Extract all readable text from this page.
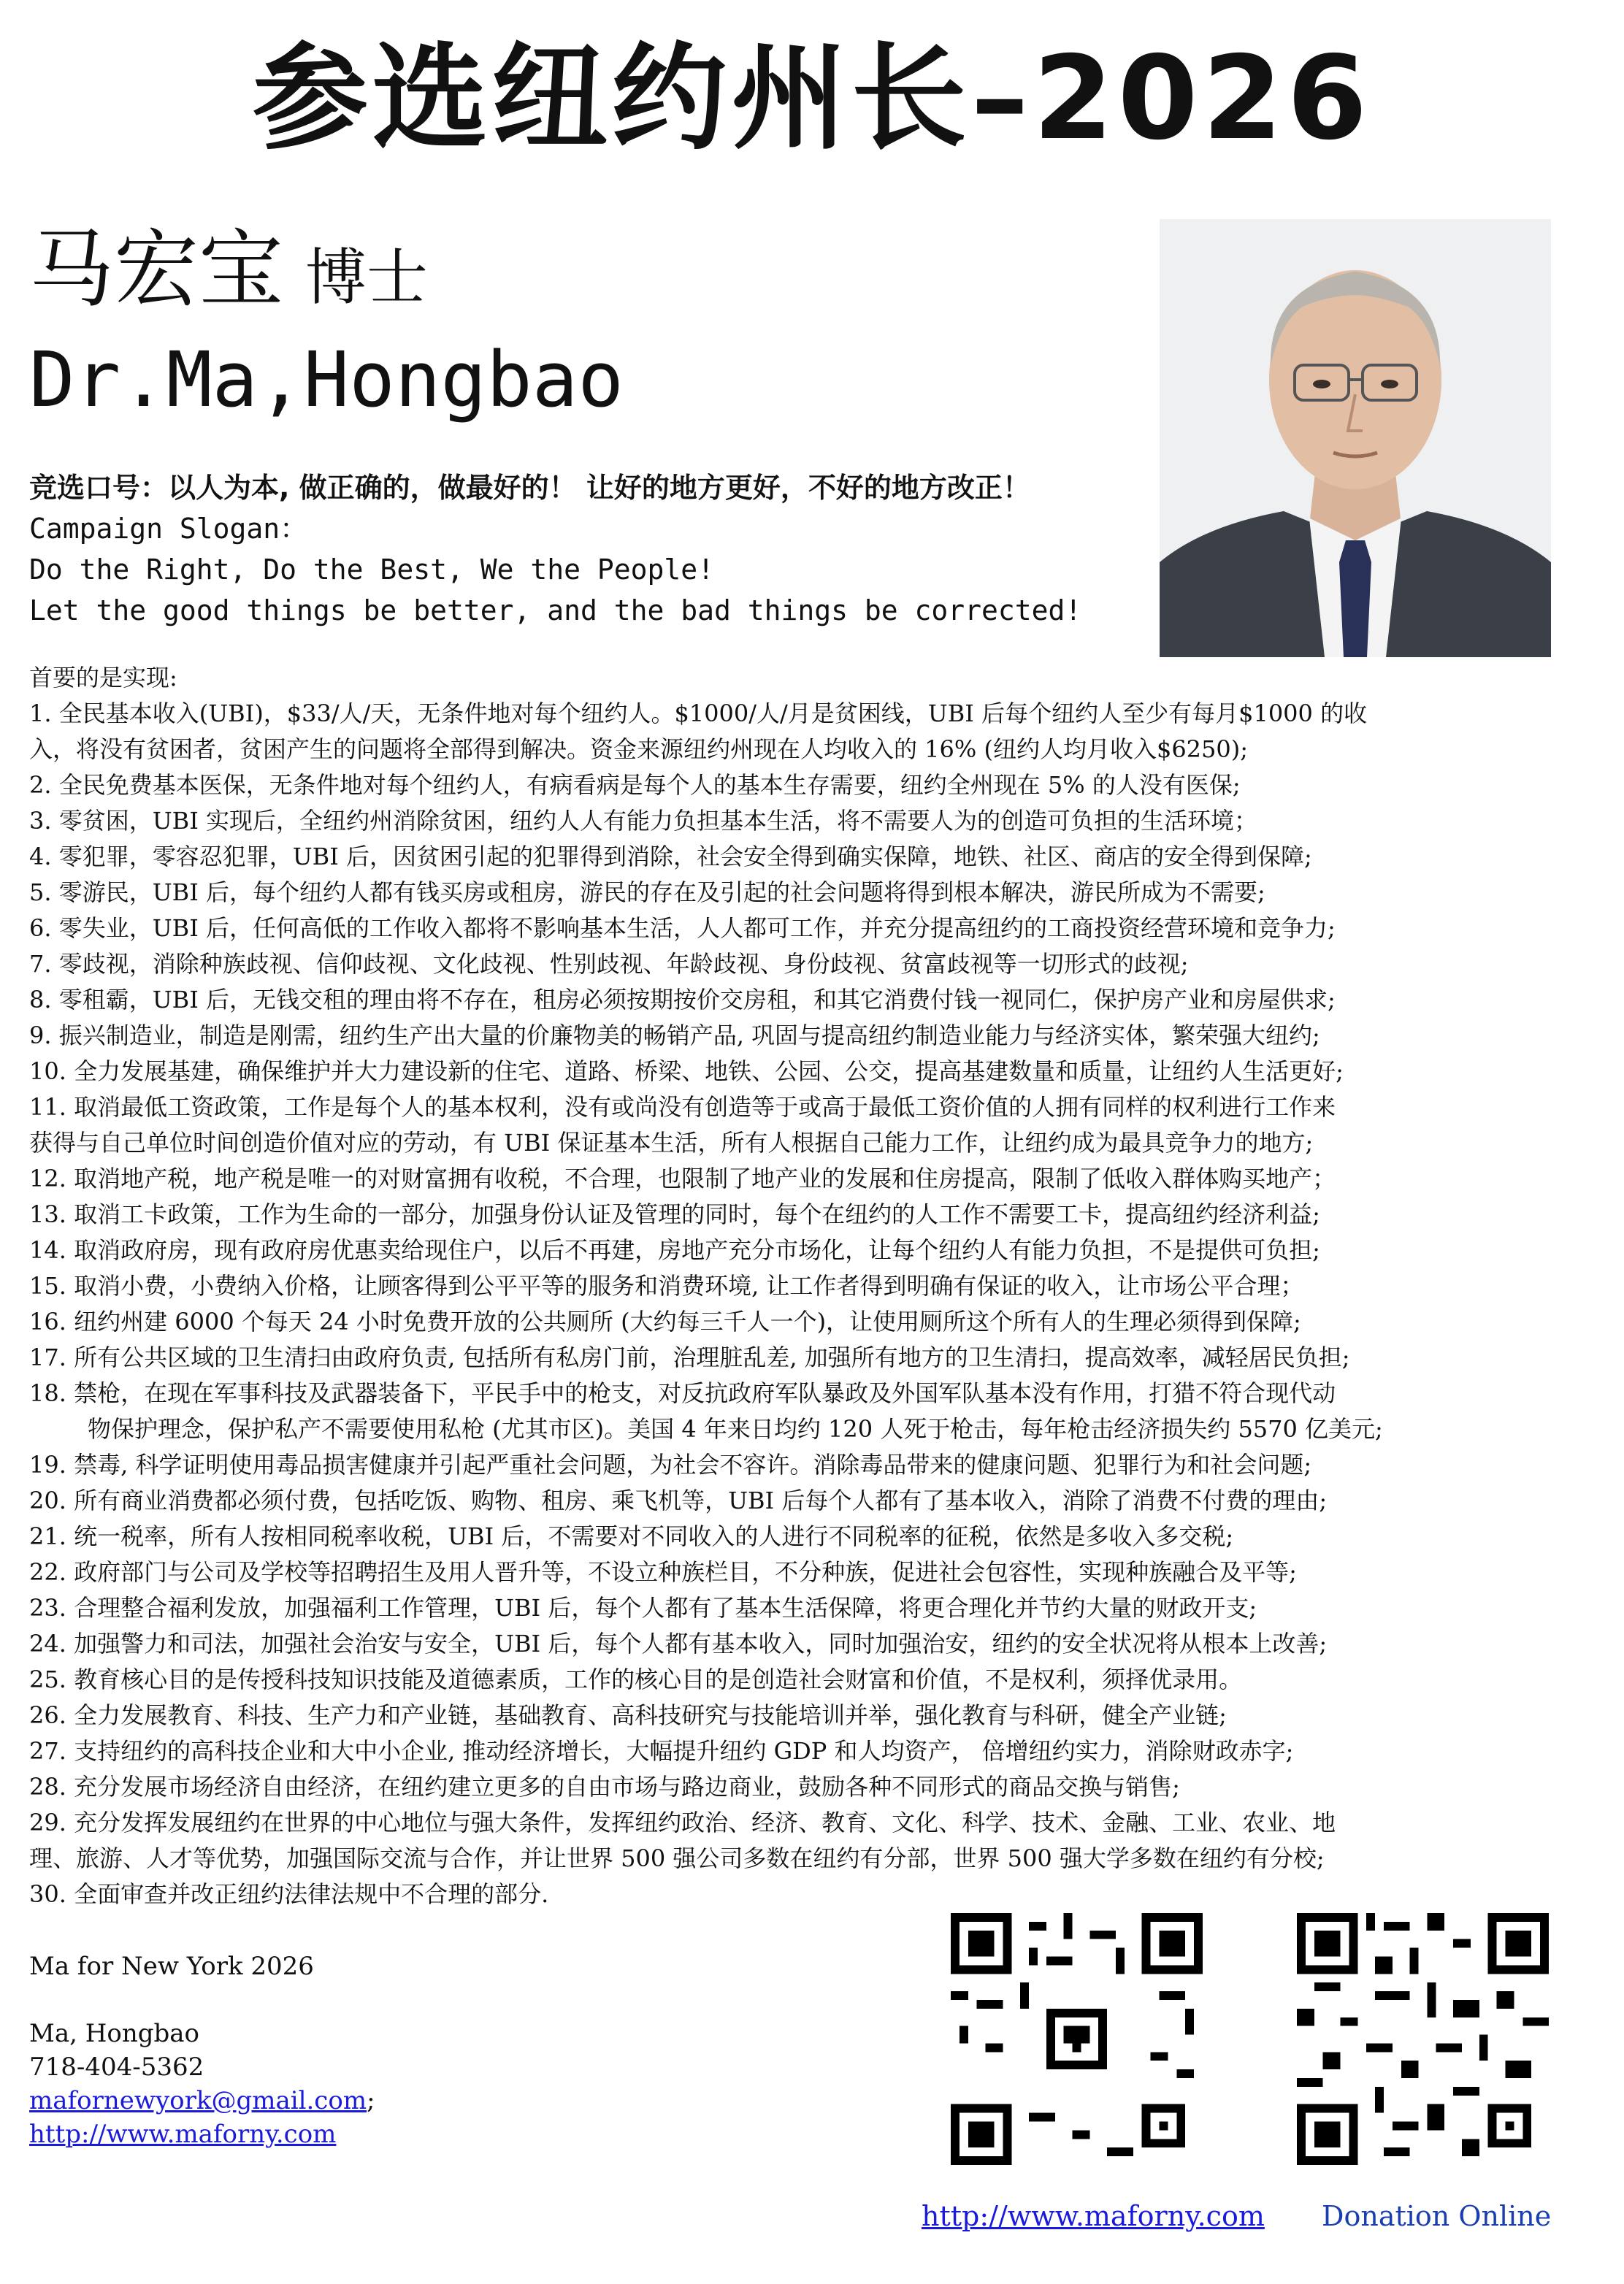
参选纽约州长–2026
马宏宝 博士
Dr.Ma,Hongbao
竞选口号：以人为本, 做正确的，做最好的！ 让好的地方更好，不好的地方改正！
Campaign Slogan：
Do the Right, Do the Best, We the People!
Let the good things be better, and the bad things be corrected!
首要的是实现:
1. 全民基本收入(UBI)，$33/人/天，无条件地对每个纽约人。$1000/人/月是贫困线，UBI 后每个纽约人至少有每月$1000 的收
入，将没有贫困者，贫困产生的问题将全部得到解决。资金来源纽约州现在人均收入的 16% (纽约人均月收入$6250);
2. 全民免费基本医保，无条件地对每个纽约人，有病看病是每个人的基本生存需要，纽约全州现在 5% 的人没有医保;
3. 零贫困，UBI 实现后，全纽约州消除贫困，纽约人人有能力负担基本生活，将不需要人为的创造可负担的生活环境；
4. 零犯罪，零容忍犯罪，UBI 后，因贫困引起的犯罪得到消除，社会安全得到确实保障，地铁、社区、商店的安全得到保障;
5. 零游民，UBI 后，每个纽约人都有钱买房或租房，游民的存在及引起的社会问题将得到根本解决，游民所成为不需要;
6. 零失业，UBI 后，任何高低的工作收入都将不影响基本生活，人人都可工作，并充分提高纽约的工商投资经营环境和竞争力;
7. 零歧视，消除种族歧视、信仰歧视、文化歧视、性别歧视、年龄歧视、身份歧视、贫富歧视等一切形式的歧视;
8. 零租霸，UBI 后，无钱交租的理由将不存在，租房必须按期按价交房租，和其它消费付钱一视同仁，保护房产业和房屋供求;
9. 振兴制造业，制造是刚需，纽约生产出大量的价廉物美的畅销产品, 巩固与提高纽约制造业能力与经济实体，繁荣强大纽约;
10. 全力发展基建，确保维护并大力建设新的住宅、道路、桥梁、地铁、公园、公交，提高基建数量和质量，让纽约人生活更好;
11. 取消最低工资政策，工作是每个人的基本权利，没有或尚没有创造等于或高于最低工资价值的人拥有同样的权利进行工作来
获得与自己单位时间创造价值对应的劳动，有 UBI 保证基本生活，所有人根据自己能力工作，让纽约成为最具竞争力的地方;
12. 取消地产税，地产税是唯一的对财富拥有收税，不合理，也限制了地产业的发展和住房提高，限制了低收入群体购买地产；
13. 取消工卡政策，工作为生命的一部分，加强身份认证及管理的同时，每个在纽约的人工作不需要工卡，提高纽约经济利益;
14. 取消政府房，现有政府房优惠卖给现住户，以后不再建，房地产充分市场化，让每个纽约人有能力负担，不是提供可负担;
15. 取消小费，小费纳入价格，让顾客得到公平平等的服务和消费环境, 让工作者得到明确有保证的收入，让市场公平合理；
16. 纽约州建 6000 个每天 24 小时免费开放的公共厕所 (大约每三千人一个)，让使用厕所这个所有人的生理必须得到保障;
17. 所有公共区域的卫生清扫由政府负责, 包括所有私房门前，治理脏乱差, 加强所有地方的卫生清扫，提高效率，减轻居民负担;
18. 禁枪，在现在军事科技及武器装备下，平民手中的枪支，对反抗政府军队暴政及外国军队基本没有作用，打猎不符合现代动
物保护理念，保护私产不需要使用私枪 (尤其市区)。美国 4 年来日均约 120 人死于枪击，每年枪击经济损失约 5570 亿美元;
19. 禁毒, 科学证明使用毒品损害健康并引起严重社会问题，为社会不容许。消除毒品带来的健康问题、犯罪行为和社会问题;
20. 所有商业消费都必须付费，包括吃饭、购物、租房、乘飞机等，UBI 后每个人都有了基本收入，消除了消费不付费的理由;
21. 统一税率，所有人按相同税率收税，UBI 后，不需要对不同收入的人进行不同税率的征税，依然是多收入多交税;
22. 政府部门与公司及学校等招聘招生及用人晋升等，不设立种族栏目，不分种族，促进社会包容性，实现种族融合及平等;
23. 合理整合福利发放，加强福利工作管理，UBI 后，每个人都有了基本生活保障，将更合理化并节约大量的财政开支;
24. 加强警力和司法，加强社会治安与安全，UBI 后，每个人都有基本收入，同时加强治安，纽约的安全状况将从根本上改善;
25. 教育核心目的是传授科技知识技能及道德素质，工作的核心目的是创造社会财富和价值，不是权利，须择优录用。
26. 全力发展教育、科技、生产力和产业链，基础教育、高科技研究与技能培训并举，强化教育与科研，健全产业链;
27. 支持纽约的高科技企业和大中小企业, 推动经济增长，大幅提升纽约 GDP 和人均资产， 倍增纽约实力，消除财政赤字;
28. 充分发展市场经济自由经济，在纽约建立更多的自由市场与路边商业，鼓励各种不同形式的商品交换与销售;
29. 充分发挥发展纽约在世界的中心地位与强大条件，发挥纽约政治、经济、教育、文化、科学、技术、金融、工业、农业、地
理、旅游、人才等优势，加强国际交流与合作，并让世界 500 强公司多数在纽约有分部，世界 500 强大学多数在纽约有分校;
30. 全面审查并改正纽约法律法规中不合理的部分.
Ma for New York 2026
Ma, Hongbao
718-404-5362
mafornewyork@gmail.com;
http://www.maforny.com
http://www.maforny.com Donation Online
